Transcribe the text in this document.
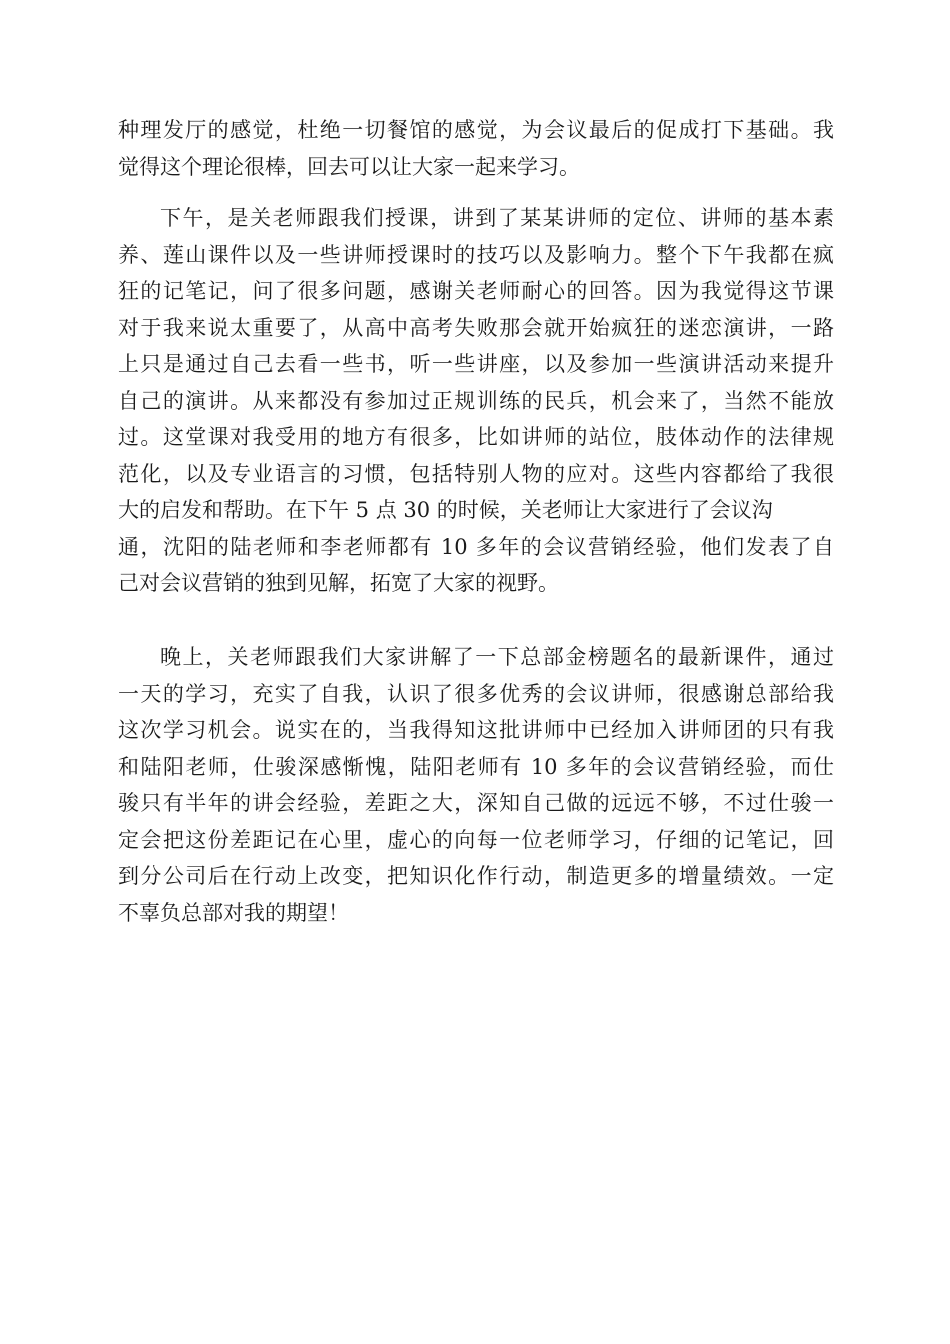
种理发厅的感觉，杜绝一切餐馆的感觉，为会议最后的促成打下基础。我
觉得这个理论很棒，回去可以让大家一起来学习。
下午，是关老师跟我们授课，讲到了某某讲师的定位、讲师的基本素
养、莲山课件以及一些讲师授课时的技巧以及影响力。整个下午我都在疯
狂的记笔记，问了很多问题，感谢关老师耐心的回答。因为我觉得这节课
对于我来说太重要了，从高中高考失败那会就开始疯狂的迷恋演讲，一路
上只是通过自己去看一些书，听一些讲座，以及参加一些演讲活动来提升
自己的演讲。从来都没有参加过正规训练的民兵，机会来了，当然不能放
过。这堂课对我受用的地方有很多，比如讲师的站位，肢体动作的法律规
范化，以及专业语言的习惯，包括特别人物的应对。这些内容都给了我很
大的启发和帮助。在下午 5 点 30 的时候，关老师让大家进行了会议沟
通，沈阳的陆老师和李老师都有 10 多年的会议营销经验，他们发表了自
己对会议营销的独到见解，拓宽了大家的视野。
晚上，关老师跟我们大家讲解了一下总部金榜题名的最新课件，通过
一天的学习，充实了自我，认识了很多优秀的会议讲师，很感谢总部给我
这次学习机会。说实在的，当我得知这批讲师中已经加入讲师团的只有我
和陆阳老师，仕骏深感惭愧，陆阳老师有 10 多年的会议营销经验，而仕
骏只有半年的讲会经验，差距之大，深知自己做的远远不够，不过仕骏一
定会把这份差距记在心里，虚心的向每一位老师学习，仔细的记笔记，回
到分公司后在行动上改变，把知识化作行动，制造更多的增量绩效。一定
不辜负总部对我的期望！
